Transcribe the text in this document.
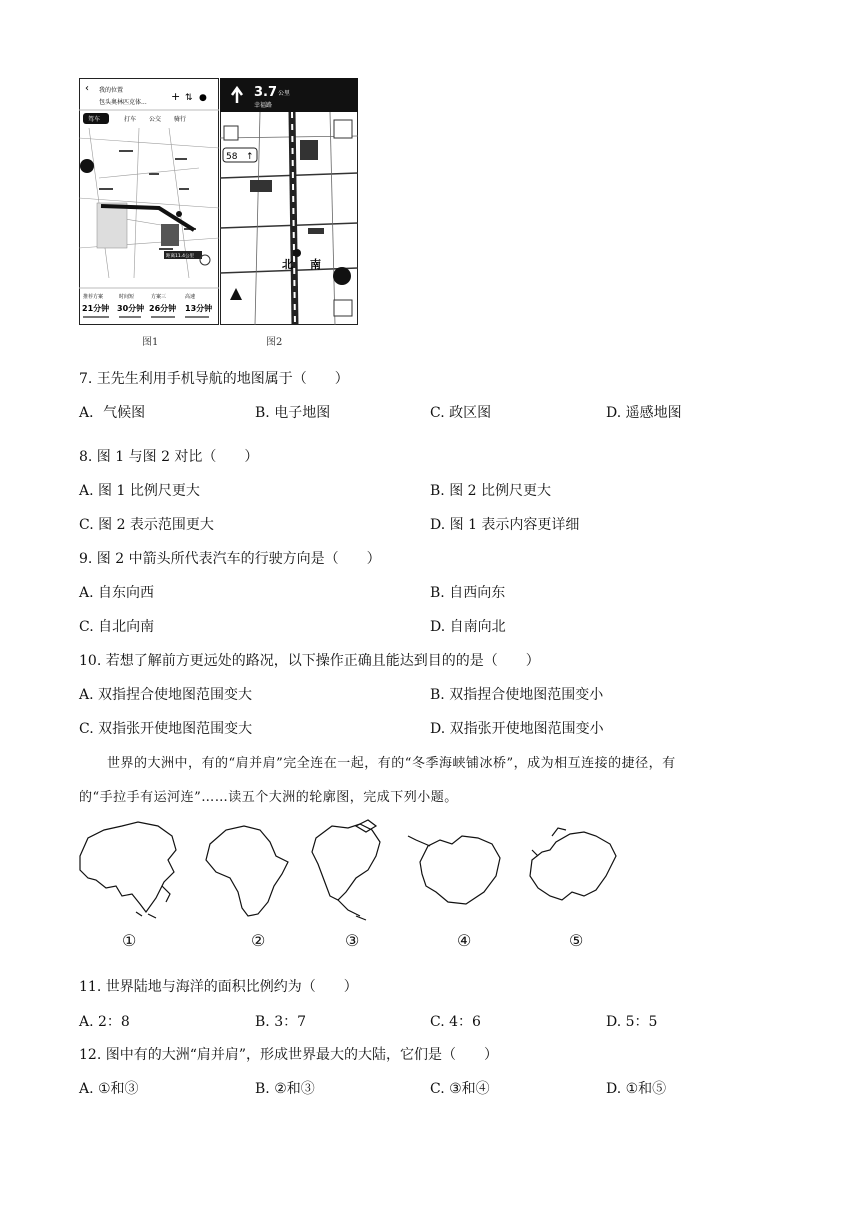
‹ 我的位置
包头奥林匹克体... + ⇅ ●
驾车	打车 公交 骑行
距离11.4公里
推荐方案	时间短	方案三	高速
21分钟 30分钟 26分钟 13分钟
3.7 公里
幸福路
58 ↑
北 南
图1	图2
7. 王先生利用手机导航的地图属于（　　）
A．气候图	B. 电子地图	C. 政区图	D. 遥感地图
8. 图 1 与图 2 对比（　　）
A. 图 1 比例尺更大	B. 图 2 比例尺更大
C. 图 2 表示范围更大	D. 图 1 表示内容更详细
9. 图 2 中箭头所代表汽车的行驶方向是（　　）
A. 自东向西	B. 自西向东
C. 自北向南	D. 自南向北
10. 若想了解前方更远处的路况，以下操作正确且能达到目的的是（　　）
A. 双指捏合使地图范围变大	B. 双指捏合使地图范围变小
C. 双指张开使地图范围变大	D. 双指张开使地图范围变小
世界的大洲中，有的“肩并肩”完全连在一起，有的“冬季海峡铺冰桥”，成为相互连接的捷径，有
的“手拉手有运河连”……读五个大洲的轮廓图，完成下列小题。
①	②	③	④	⑤
11. 世界陆地与海洋的面积比例约为（　　）
A. 2：8	B. 3：7	C. 4：6	D. 5：5
12. 图中有的大洲“肩并肩”，形成世界最大的大陆，它们是（　　）
A. ①和③	B. ②和③	C. ③和④	D. ①和⑤
